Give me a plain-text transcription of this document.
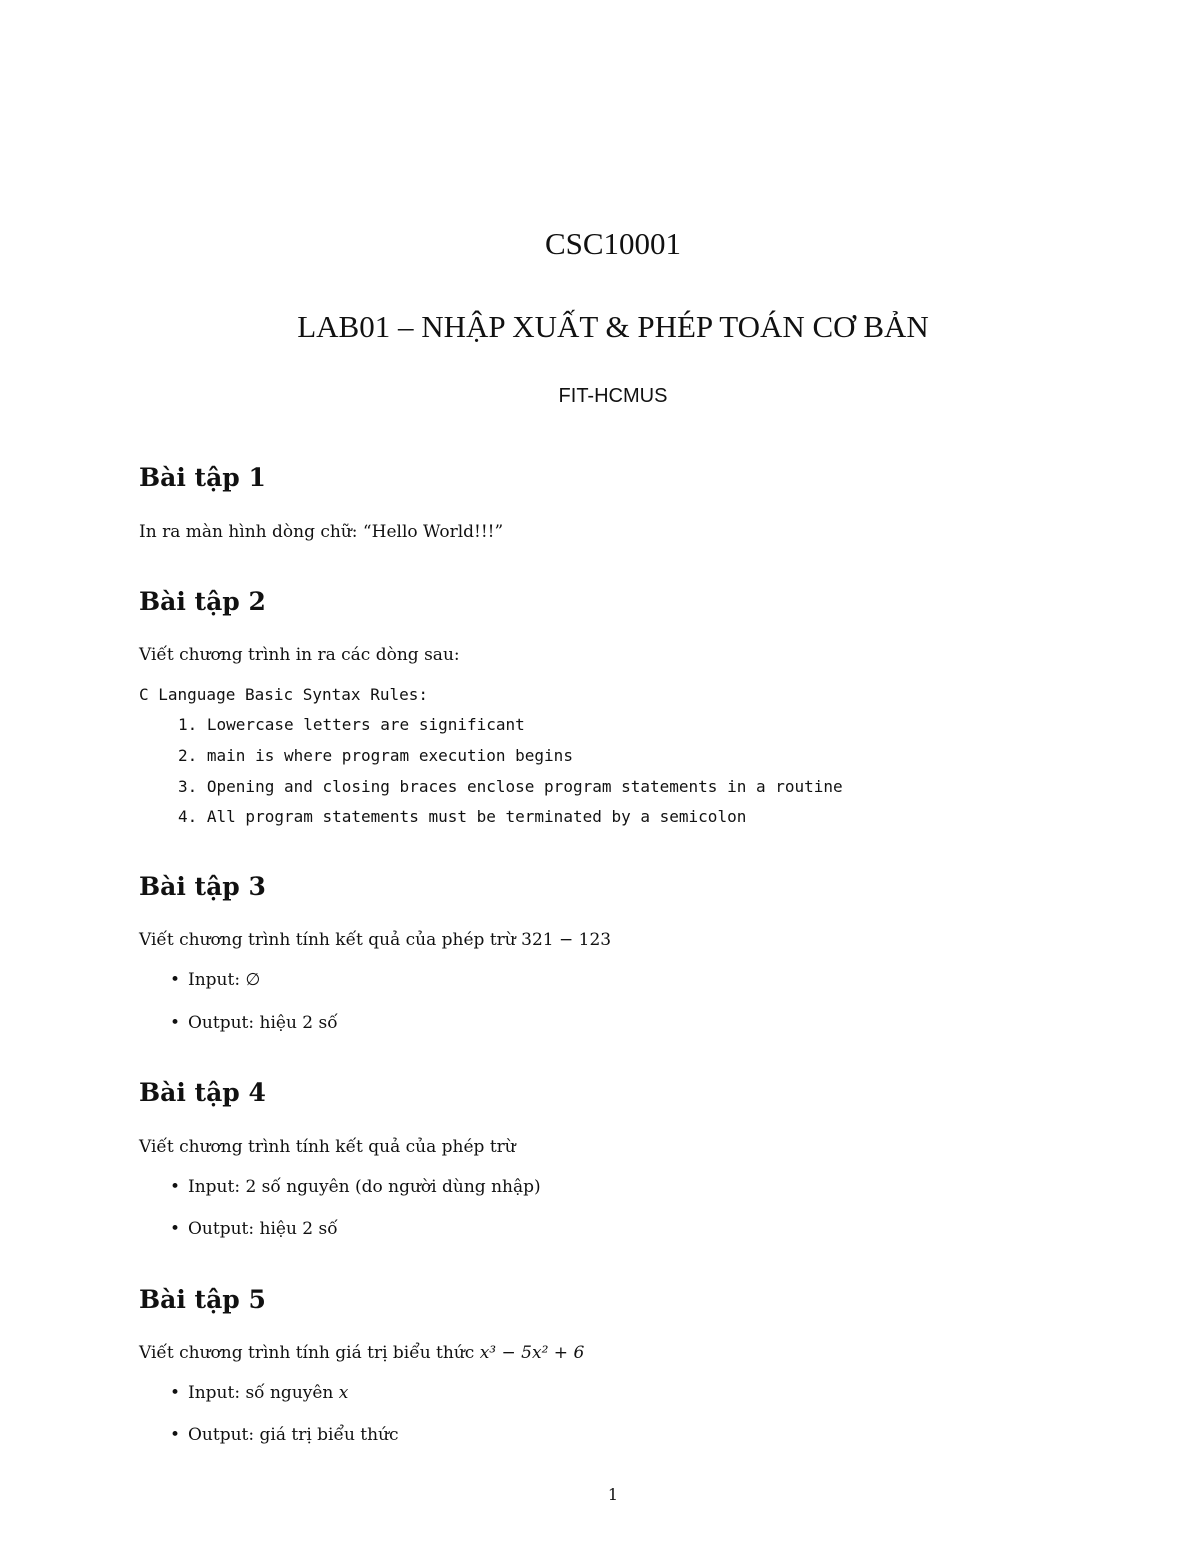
CSC10001
LAB01 – NHẬP XUẤT & PHÉP TOÁN CƠ BẢN
FIT-HCMUS
Bài tập 1
In ra màn hình dòng chữ: “Hello World!!!”
Bài tập 2
Viết chương trình in ra các dòng sau:
C Language Basic Syntax Rules:
1. Lowercase letters are significant
2. main is where program execution begins
3. Opening and closing braces enclose program statements in a routine
4. All program statements must be terminated by a semicolon
Bài tập 3
Viết chương trình tính kết quả của phép trừ 321 − 123
• Input: ∅
• Output: hiệu 2 số
Bài tập 4
Viết chương trình tính kết quả của phép trừ
• Input: 2 số nguyên (do người dùng nhập)
• Output: hiệu 2 số
Bài tập 5
Viết chương trình tính giá trị biểu thức x³ − 5x² + 6
• Input: số nguyên x
• Output: giá trị biểu thức
1
